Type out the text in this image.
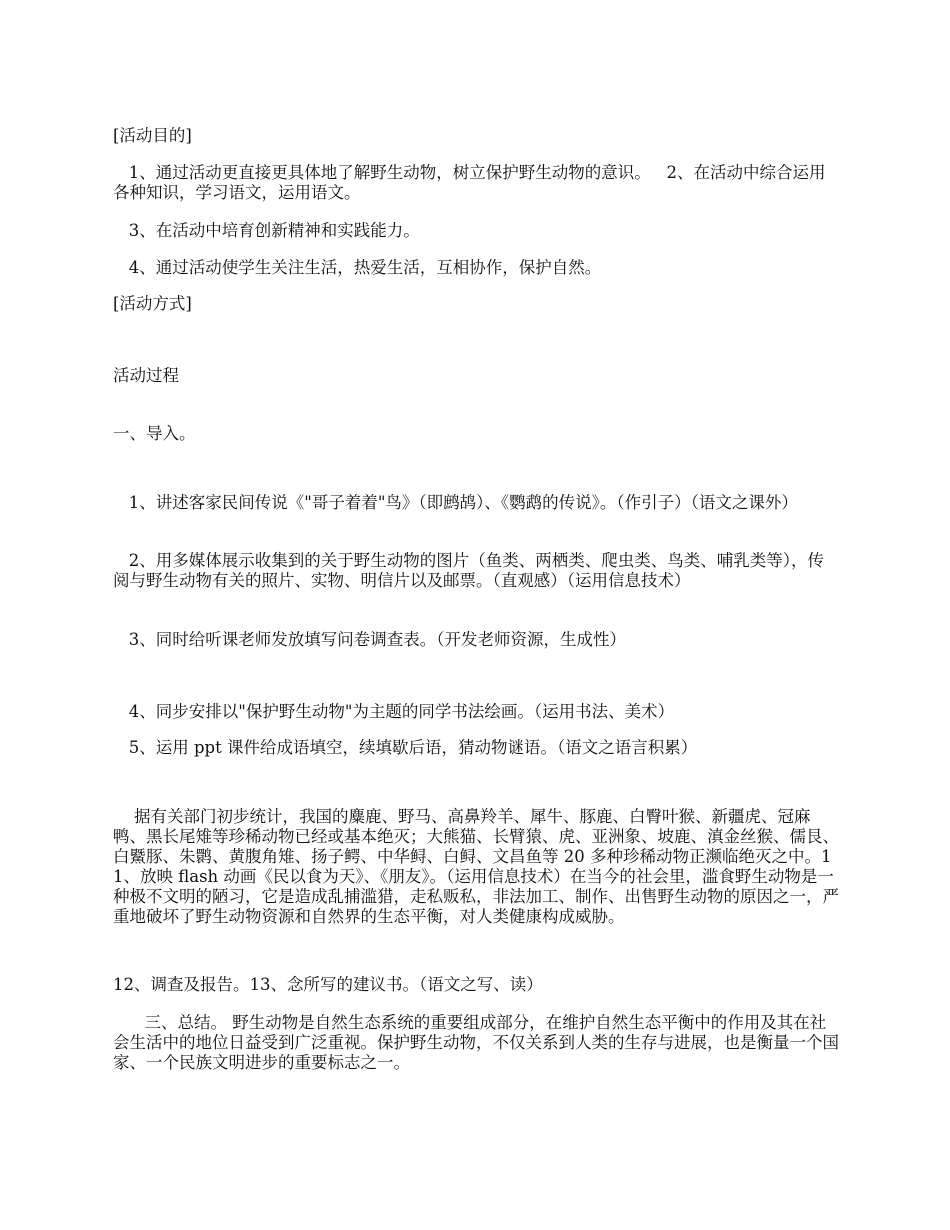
[活动目的]

1、通过活动更直接更具体地了解野生动物，树立保护野生动物的意识。   2、在活动中综合运用各种知识，学习语文，运用语文。

3、在活动中培育创新精神和实践能力。

4、通过活动使学生关注生活，热爱生活，互相协作，保护自然。

[活动方式]

活动过程

一、导入。

1、讲述客家民间传说《"哥子着着"鸟》（即鹧鸪）、《鹦鹉的传说》。（作引子）（语文之课外）

2、用多媒体展示收集到的关于野生动物的图片（鱼类、两栖类、爬虫类、鸟类、哺乳类等），传阅与野生动物有关的照片、实物、明信片以及邮票。（直观感）（运用信息技术）

3、同时给听课老师发放填写问卷调查表。（开发老师资源，生成性）

4、同步安排以"保护野生动物"为主题的同学书法绘画。（运用书法、美术）

5、运用 ppt 课件给成语填空，续填歇后语，猜动物谜语。（语文之语言积累）

据有关部门初步统计，我国的麋鹿、野马、高鼻羚羊、犀牛、豚鹿、白臀叶猴、新疆虎、冠麻鸭、黑长尾雉等珍稀动物已经或基本绝灭；大熊猫、长臂猿、虎、亚洲象、坡鹿、滇金丝猴、儒艮、白鱀豚、朱鹮、黄腹角雉、扬子鳄、中华鲟、白鲟、文昌鱼等 20 多种珍稀动物正濒临绝灭之中。11、放映 flash 动画《民以食为天》、《朋友》。（运用信息技术）在当今的社会里，滥食野生动物是一种极不文明的陋习，它是造成乱捕滥猎，走私贩私，非法加工、制作、出售野生动物的原因之一，严重地破坏了野生动物资源和自然界的生态平衡，对人类健康构成威胁。

12、调查及报告。13、念所写的建议书。（语文之写、读）

三、总结。 野生动物是自然生态系统的重要组成部分，在维护自然生态平衡中的作用及其在社会生活中的地位日益受到广泛重视。保护野生动物，不仅关系到人类的生存与进展，也是衡量一个国家、一个民族文明进步的重要标志之一。
